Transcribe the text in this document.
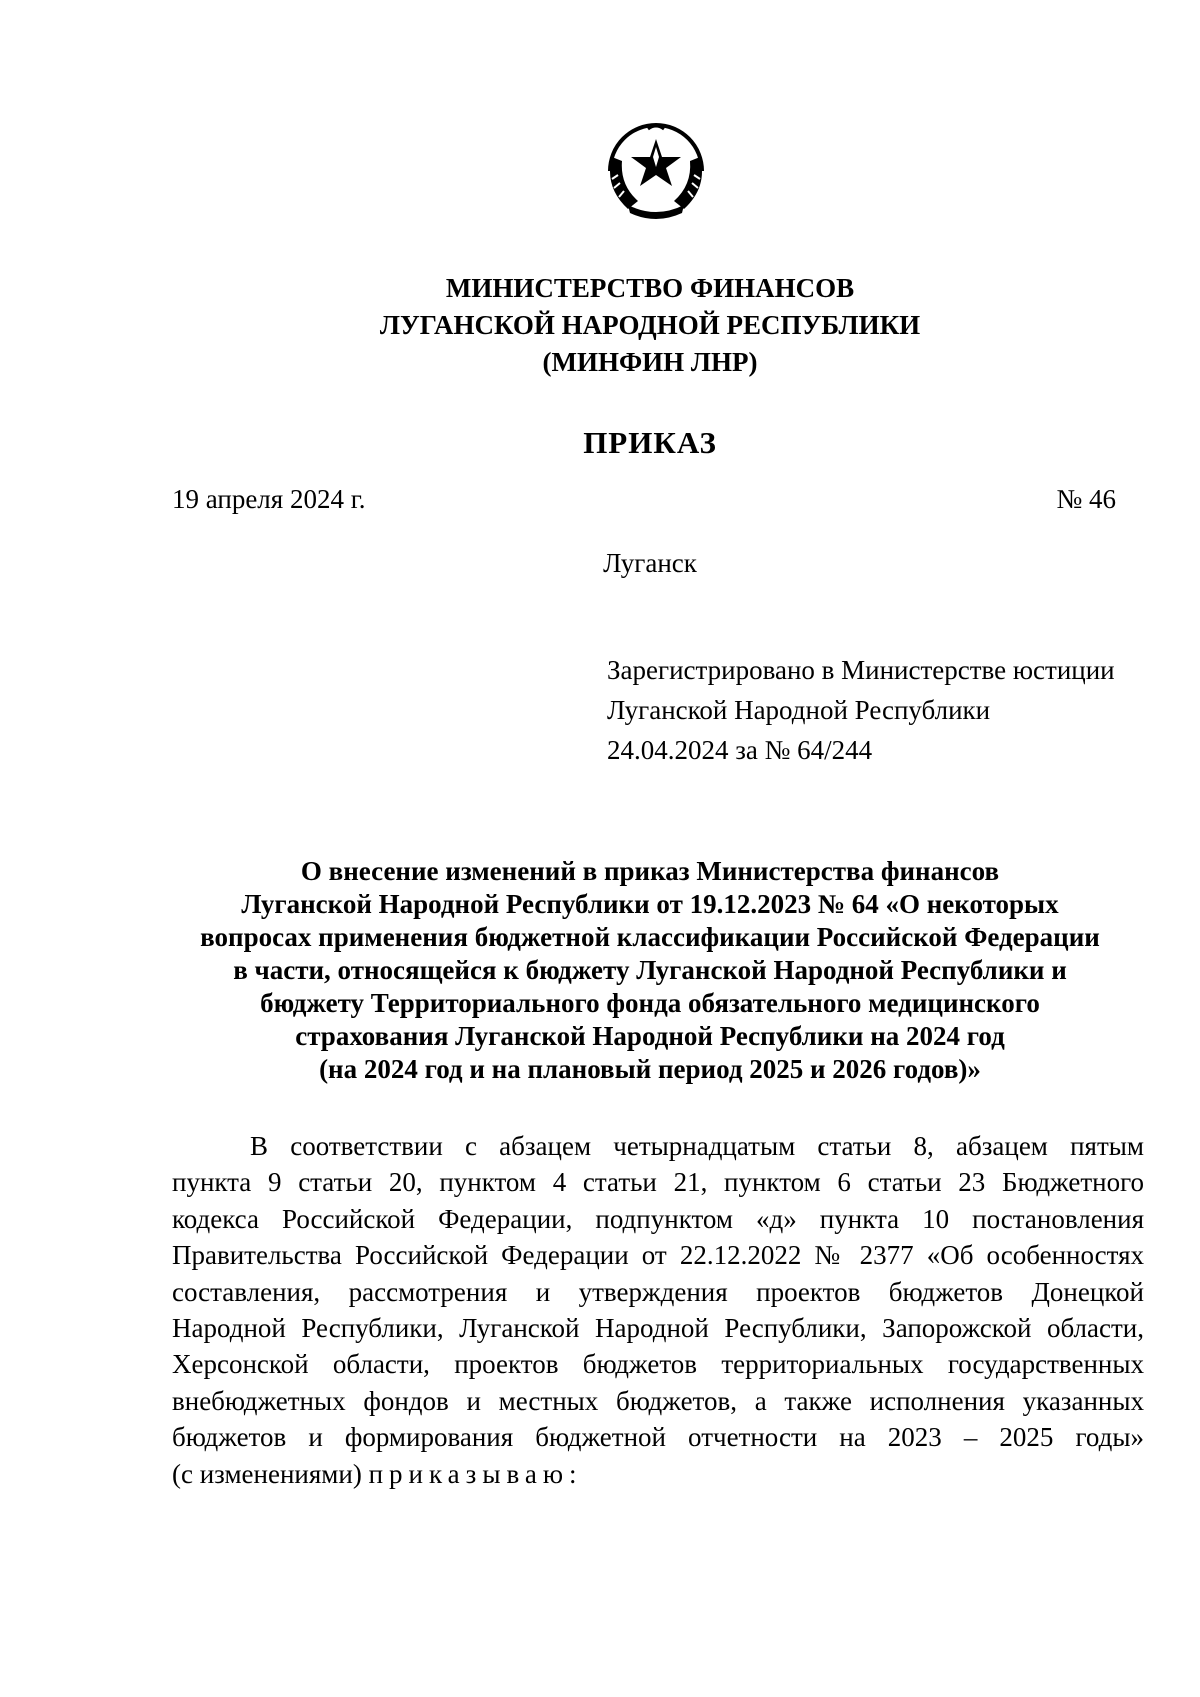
МИНИСТЕРСТВО ФИНАНСОВ
ЛУГАНСКОЙ НАРОДНОЙ РЕСПУБЛИКИ
(МИНФИН ЛНР)
ПРИКАЗ
19 апреля 2024 г.	№ 46
Луганск
Зарегистрировано в Министерстве юстиции
Луганской Народной Республики
24.04.2024 за № 64/244
О внесение изменений в приказ Министерства финансов
Луганской Народной Республики от 19.12.2023 № 64 «О некоторых
вопросах применения бюджетной классификации Российской Федерации
в части, относящейся к бюджету Луганской Народной Республики и
бюджету Территориального фонда обязательного медицинского
страхования Луганской Народной Республики на 2024 год
(на 2024 год и на плановый период 2025 и 2026 годов)»
В соответствии с абзацем четырнадцатым статьи 8, абзацем пятым
пункта 9 статьи 20, пунктом 4 статьи 21, пунктом 6 статьи 23 Бюджетного
кодекса Российской Федерации, подпунктом «д» пункта 10 постановления
Правительства Российской Федерации от 22.12.2022 № 2377 «Об особенностях
составления, рассмотрения и утверждения проектов бюджетов Донецкой
Народной Республики, Луганской Народной Республики, Запорожской области,
Херсонской области, проектов бюджетов территориальных государственных
внебюджетных фондов и местных бюджетов, а также исполнения указанных
бюджетов и формирования бюджетной отчетности на 2023 – 2025 годы»
(с изменениями) приказываю:
